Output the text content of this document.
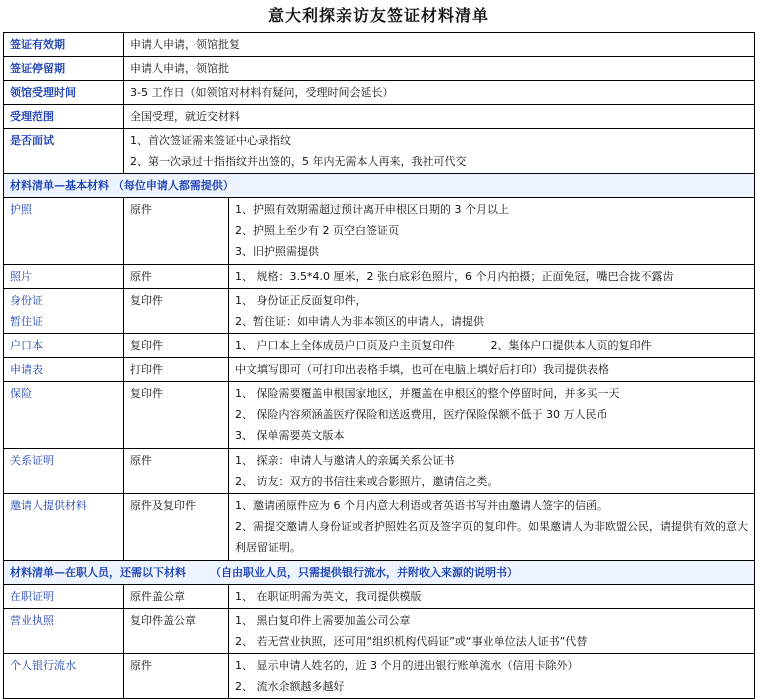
意大利探亲访友签证材料清单
签证有效期	申请人申请，领馆批复	
签证停留期	申请人申请，领馆批	
领馆受理时间	3-5 工作日（如领馆对材料有疑问，受理时间会延长）	
受理范围	全国受理，就近交材料	
是否面试	1、首次签证需来签证中心录指纹
2、第一次录过十指指纹并出签的，5 年内无需本人再来，我社可代交	

材料清单—基本材料 （每位申请人都需提供）		
护照	原件	1、护照有效期需超过预计离开申根区日期的 3 个月以上
2、护照上至少有 2 页空白签证页
3、旧护照需提供

照片	原件	1、 规格：3.5*4.0 厘米，2 张白底彩色照片，6 个月内拍摄；正面免冠，嘴巴合拢不露齿

身份证
暂住证	复印件	1、 身份证正反面复印件，
2、暂住证：如申请人为非本领区的申请人，请提供

户口本	复印件	1、 户口本上全体成员户口页及户主页复印件 2、集体户口提供本人页的复印件
申请表	打印件	中文填写即可（可打印出表格手填，也可在电脑上填好后打印）我司提供表格
保险	复印件	1、 保险需要覆盖申根国家地区，并覆盖在申根区的整个停留时间，并多买一天
2、 保险内容须涵盖医疗保险和送返费用，医疗保险保额不低于 30 万人民币
3、 保单需要英文版本

关系证明	原件	1、 探亲：申请人与邀请人的亲属关系公证书
2、 访友：双方的书信往来或合影照片，邀请信之类。

邀请人提供材料	原件及复印件	1、邀请函原件应为 6 个月内意大利语或者英语书写并由邀请人签字的信函。
2、需提交邀请人身份证或者护照姓名页及签字页的复印件。如果邀请人为非欧盟公民，请提供有效的意大利居留证明。

材料清单—在职人员，还需以下材料 （自由职业人员，只需提供银行流水，并附收入来源的说明书）		
在职证明	原件盖公章	1、 在职证明需为英文，我司提供模版
营业执照	复印件盖公章	1、 黑白复印件上需要加盖公司公章
2、 若无营业执照，还可用“组织机构代码证”或“事业单位法人证书”代替

个人银行流水	原件	1、 显示申请人姓名的，近 3 个月的进出银行账单流水（信用卡除外）
2、 流水余额越多越好
